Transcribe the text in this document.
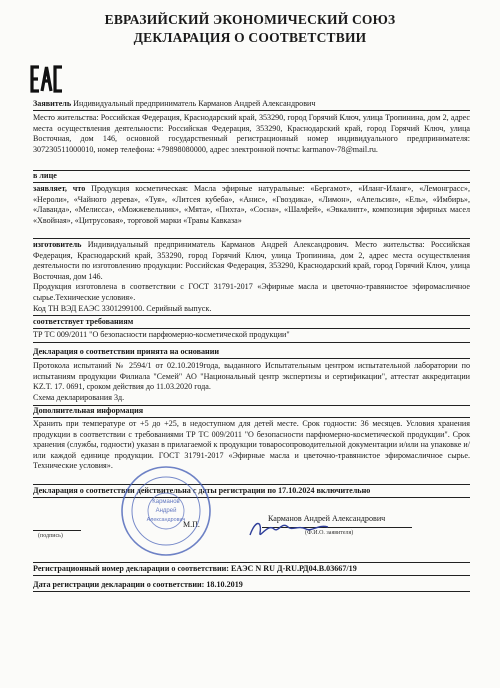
ЕВРАЗИЙСКИЙ ЭКОНОМИЧЕСКИЙ СОЮЗ
ДЕКЛАРАЦИЯ О СООТВЕТСТВИИ
Заявитель Индивидуальный предприниматель Карманов Андрей Александрович
Место жительства: Российская Федерация, Краснодарский край, 353290, город Горячий Ключ, улица Тропинина, дом 2, адрес места осуществления деятельности: Российская Федерация, 353290, Краснодарский край, город Горячий Ключ, улица Восточная, дом 146, основной государственный регистрационный номер индивидуального предпринимателя: 307230511000010, номер телефона: +79898080000, адрес электронной почты: karmanov-78@mail.ru.
в лице
заявляет, что Продукция косметическая: Масла эфирные натуральные: «Бергамот», «Иланг-Иланг», «Лемонграсс», «Нероли», «Чайного дерева», «Туя», «Литсея кубеба», «Анис», «Гвоздика», «Лимон», «Апельсин», «Ель», «Имбирь», «Лаванда», «Мелисса», «Можжевельник», «Мята», «Пихта», «Сосна», «Шалфей», «Эвкалипт», композиция эфирных масел «Хвойная», «Цитрусовая», торговой марки «Травы Кавказа»
изготовитель Индивидуальный предприниматель Карманов Андрей Александрович. Место жительства: Российская Федерация, Краснодарский край, 353290, город Горячий Ключ, улица Тропинина, дом 2, адрес места осуществления деятельности по изготовлению продукции: Российская Федерация, 353290, Краснодарский край, город Горячий Ключ, улица Восточная, дом 146.
Продукция изготовлена в соответствии с ГОСТ 31791-2017 «Эфирные масла и цветочно-травянистое эфиромасличное сырье.Технические условия».
Код ТН ВЭД ЕАЭС 3301299100. Серийный выпуск.
соответствует требованиям
ТР ТС 009/2011 "О безопасности парфюмерно-косметической продукции"
Декларация о соответствии принята на основании
Протокола испытаний № 2594/1 от 02.10.2019года, выданного Испытательным центром испытательной лаборатории по испытаниям продукции Филиала "Семей" АО "Национальный центр экспертизы и сертификации", аттестат аккредитации KZ.T. 17. 0691, сроком действия до 11.03.2020 года.
Схема декларирования 3д.
Дополнительная информация
Хранить при температуре от +5 до +25, в недоступном для детей месте. Срок годности: 36 месяцев. Условия хранения продукции в соответствии с требованиями ТР ТС 009/2011 "О безопасности парфюмерно-косметической продукции". Срок хранения (службы, годности) указан в прилагаемой к продукции товаросопроводительной документации и/или на упаковке и/или каждой единице продукции. ГОСТ 31791-2017 «Эфирные масла и цветочно-травянистое эфиромасличное сырье. Технические условия».
Декларация о соответствии действительна с даты регистрации по 17.10.2024 включительно
(подпись)
М.П.
Карманов Андрей Александрович
(Ф.И.О. заявителя)
Карманов
Андрей
Александрович
Регистрационный номер декларации о соответствии: ЕАЭС N RU Д-RU.РД04.В.03667/19
Дата регистрации декларации о соответствии: 18.10.2019
